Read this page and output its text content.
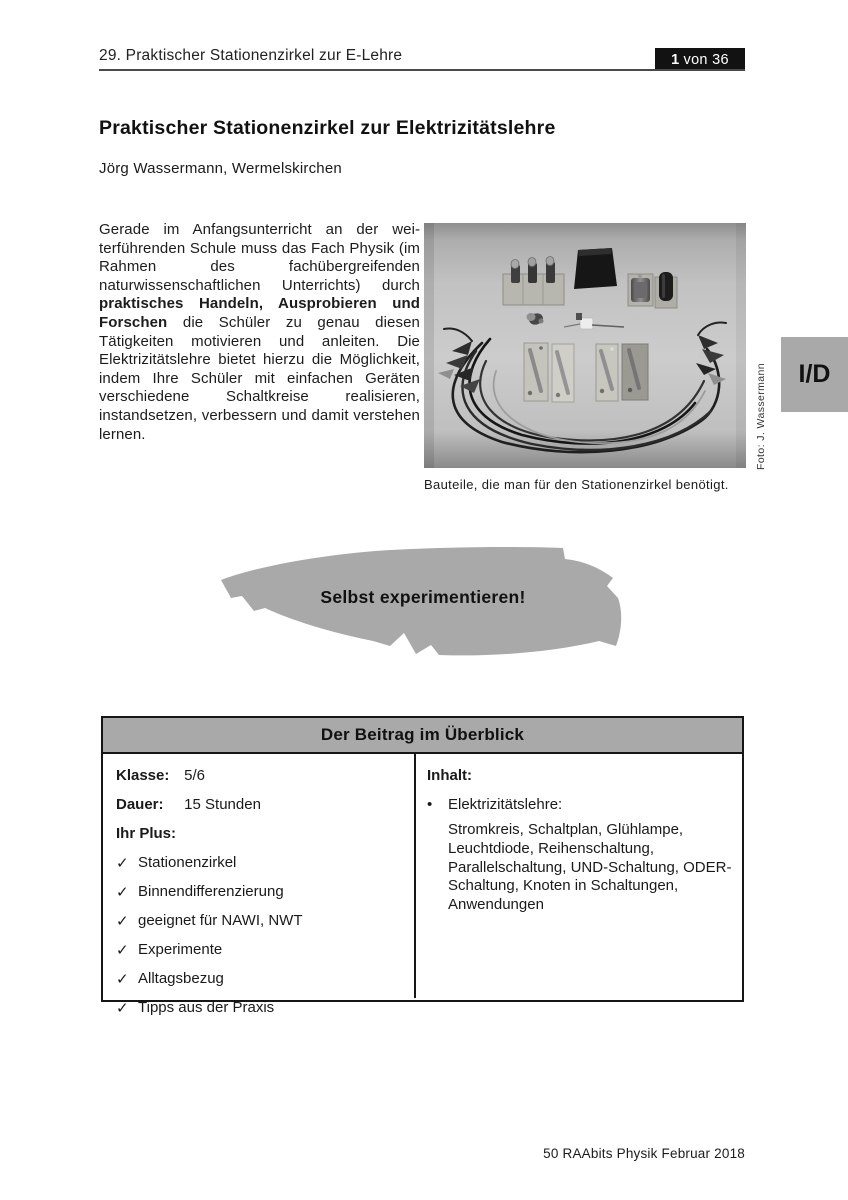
29. Praktischer Stationenzirkel zur E-Lehre	1 von 36
Praktischer Stationenzirkel zur Elektrizitätslehre
Jörg Wassermann, Wermelskirchen

Gerade im Anfangsunterricht an der weiterführenden Schule muss das Fach Physik (im Rahmen des fachübergreifenden naturwissenschaftlichen Unterrichts) durch praktisches Handeln, Ausprobieren und Forschen die Schüler zu genau diesen Tätigkeiten motivieren und anleiten. Die Elektrizitätslehre bietet hierzu die Möglichkeit, indem Ihre Schüler mit einfachen Geräten verschiedene Schaltkreise realisieren, instandsetzen, verbessern und damit verstehen lernen.

Bauteile, die man für den Stationenzirkel benötigt.
Foto: J. Wassermann	I/D
Selbst experimentieren!
Der Beitrag im Überblick
Klasse: 5/6
Dauer: 15 Stunden
Ihr Plus:
✓ Stationenzirkel
✓ Binnendifferenzierung
✓ geeignet für NAWI, NWT
✓ Experimente
✓ Alltagsbezug
✓ Tipps aus der Praxis
Inhalt:
•	Elektrizitätslehre:
Stromkreis, Schaltplan, Glühlampe, Leuchtdiode, Reihenschaltung, Parallelschaltung, UND-Schaltung, ODER-Schaltung, Knoten in Schaltungen, Anwendungen
50 RAAbits Physik Februar 2018
